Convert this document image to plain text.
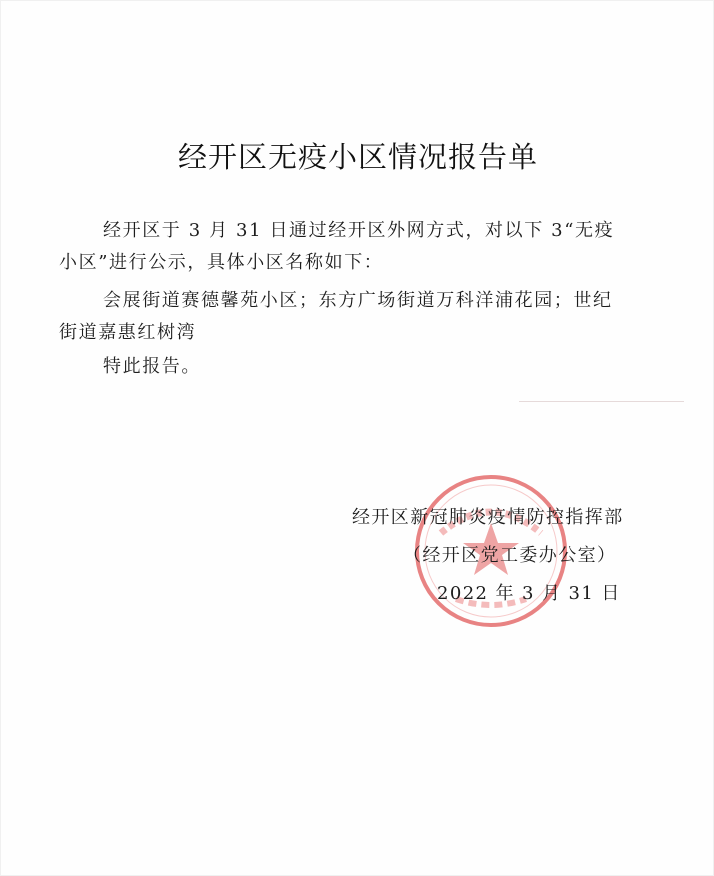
经开区无疫小区情况报告单
经开区于 3 月 31 日通过经开区外网方式，对以下 3“无疫
小区”进行公示，具体小区名称如下：
会展街道赛德馨苑小区；东方广场街道万科洋浦花园；世纪
街道嘉惠红树湾
特此报告。
经开区新冠肺炎疫情防控指挥部
（经开区党工委办公室）
2022 年 3 月 31 日
